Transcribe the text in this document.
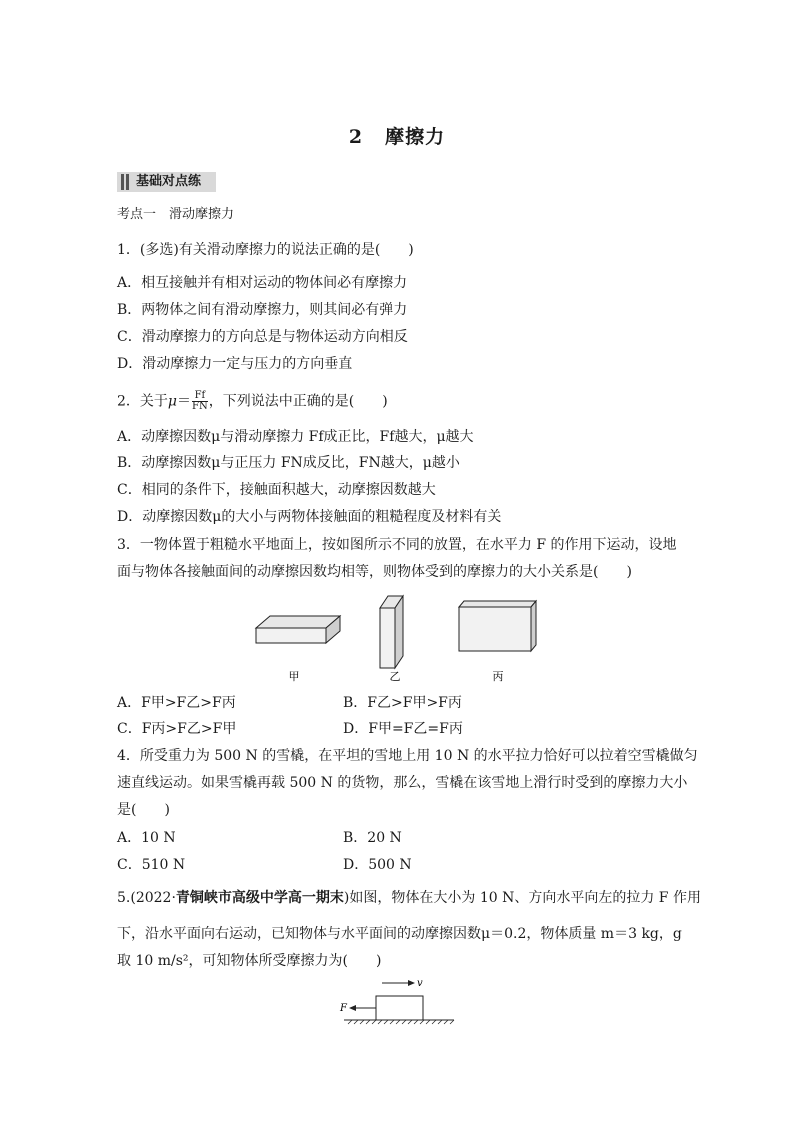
2 摩擦力
基础对点练
考点一　滑动摩擦力
1．(多选)有关滑动摩擦力的说法正确的是(　　)
A．相互接触并有相对运动的物体间必有摩擦力
B．两物体之间有滑动摩擦力，则其间必有弹力
C．滑动摩擦力的方向总是与物体运动方向相反
D．滑动摩擦力一定与压力的方向垂直
2．关于$\mu= \frac{Ff}{FN}$ ，下列说法中正确的是(　　)
A．动摩擦因数μ与滑动摩擦力 Ff成正比，Ff越大，μ越大
B．动摩擦因数μ与正压力 FN成反比，FN越大，μ越小
C．相同的条件下，接触面积越大，动摩擦因数越大
D．动摩擦因数μ的大小与两物体接触面的粗糙程度及材料有关
3．一物体置于粗糙水平地面上，按如图所示不同的放置，在水平力 F 的作用下运动，设地
面与物体各接触面间的动摩擦因数均相等，则物体受到的摩擦力的大小关系是(　　)
甲	乙	丙
A．F甲>F乙>F丙	B．F乙>F甲>F丙
C．F丙>F乙>F甲	D．F甲=F乙=F丙
4．所受重力为 500 N 的雪橇，在平坦的雪地上用 10 N 的水平拉力恰好可以拉着空雪橇做匀
速直线运动。如果雪橇再载 500 N 的货物，那么，雪橇在该雪地上滑行时受到的摩擦力大小
是(　　)
A．10 N	B．20 N
C．510 N	D．500 N
5.(2022·青铜峡市高级中学高一期末)如图，物体在大小为 10 N、方向水平向左的拉力 F 作用
下，沿水平面向右运动，已知物体与水平面间的动摩擦因数μ＝0.2，物体质量 m＝3 kg，g
取 10 m/s²，可知物体所受摩擦力为(　　)
v
F
